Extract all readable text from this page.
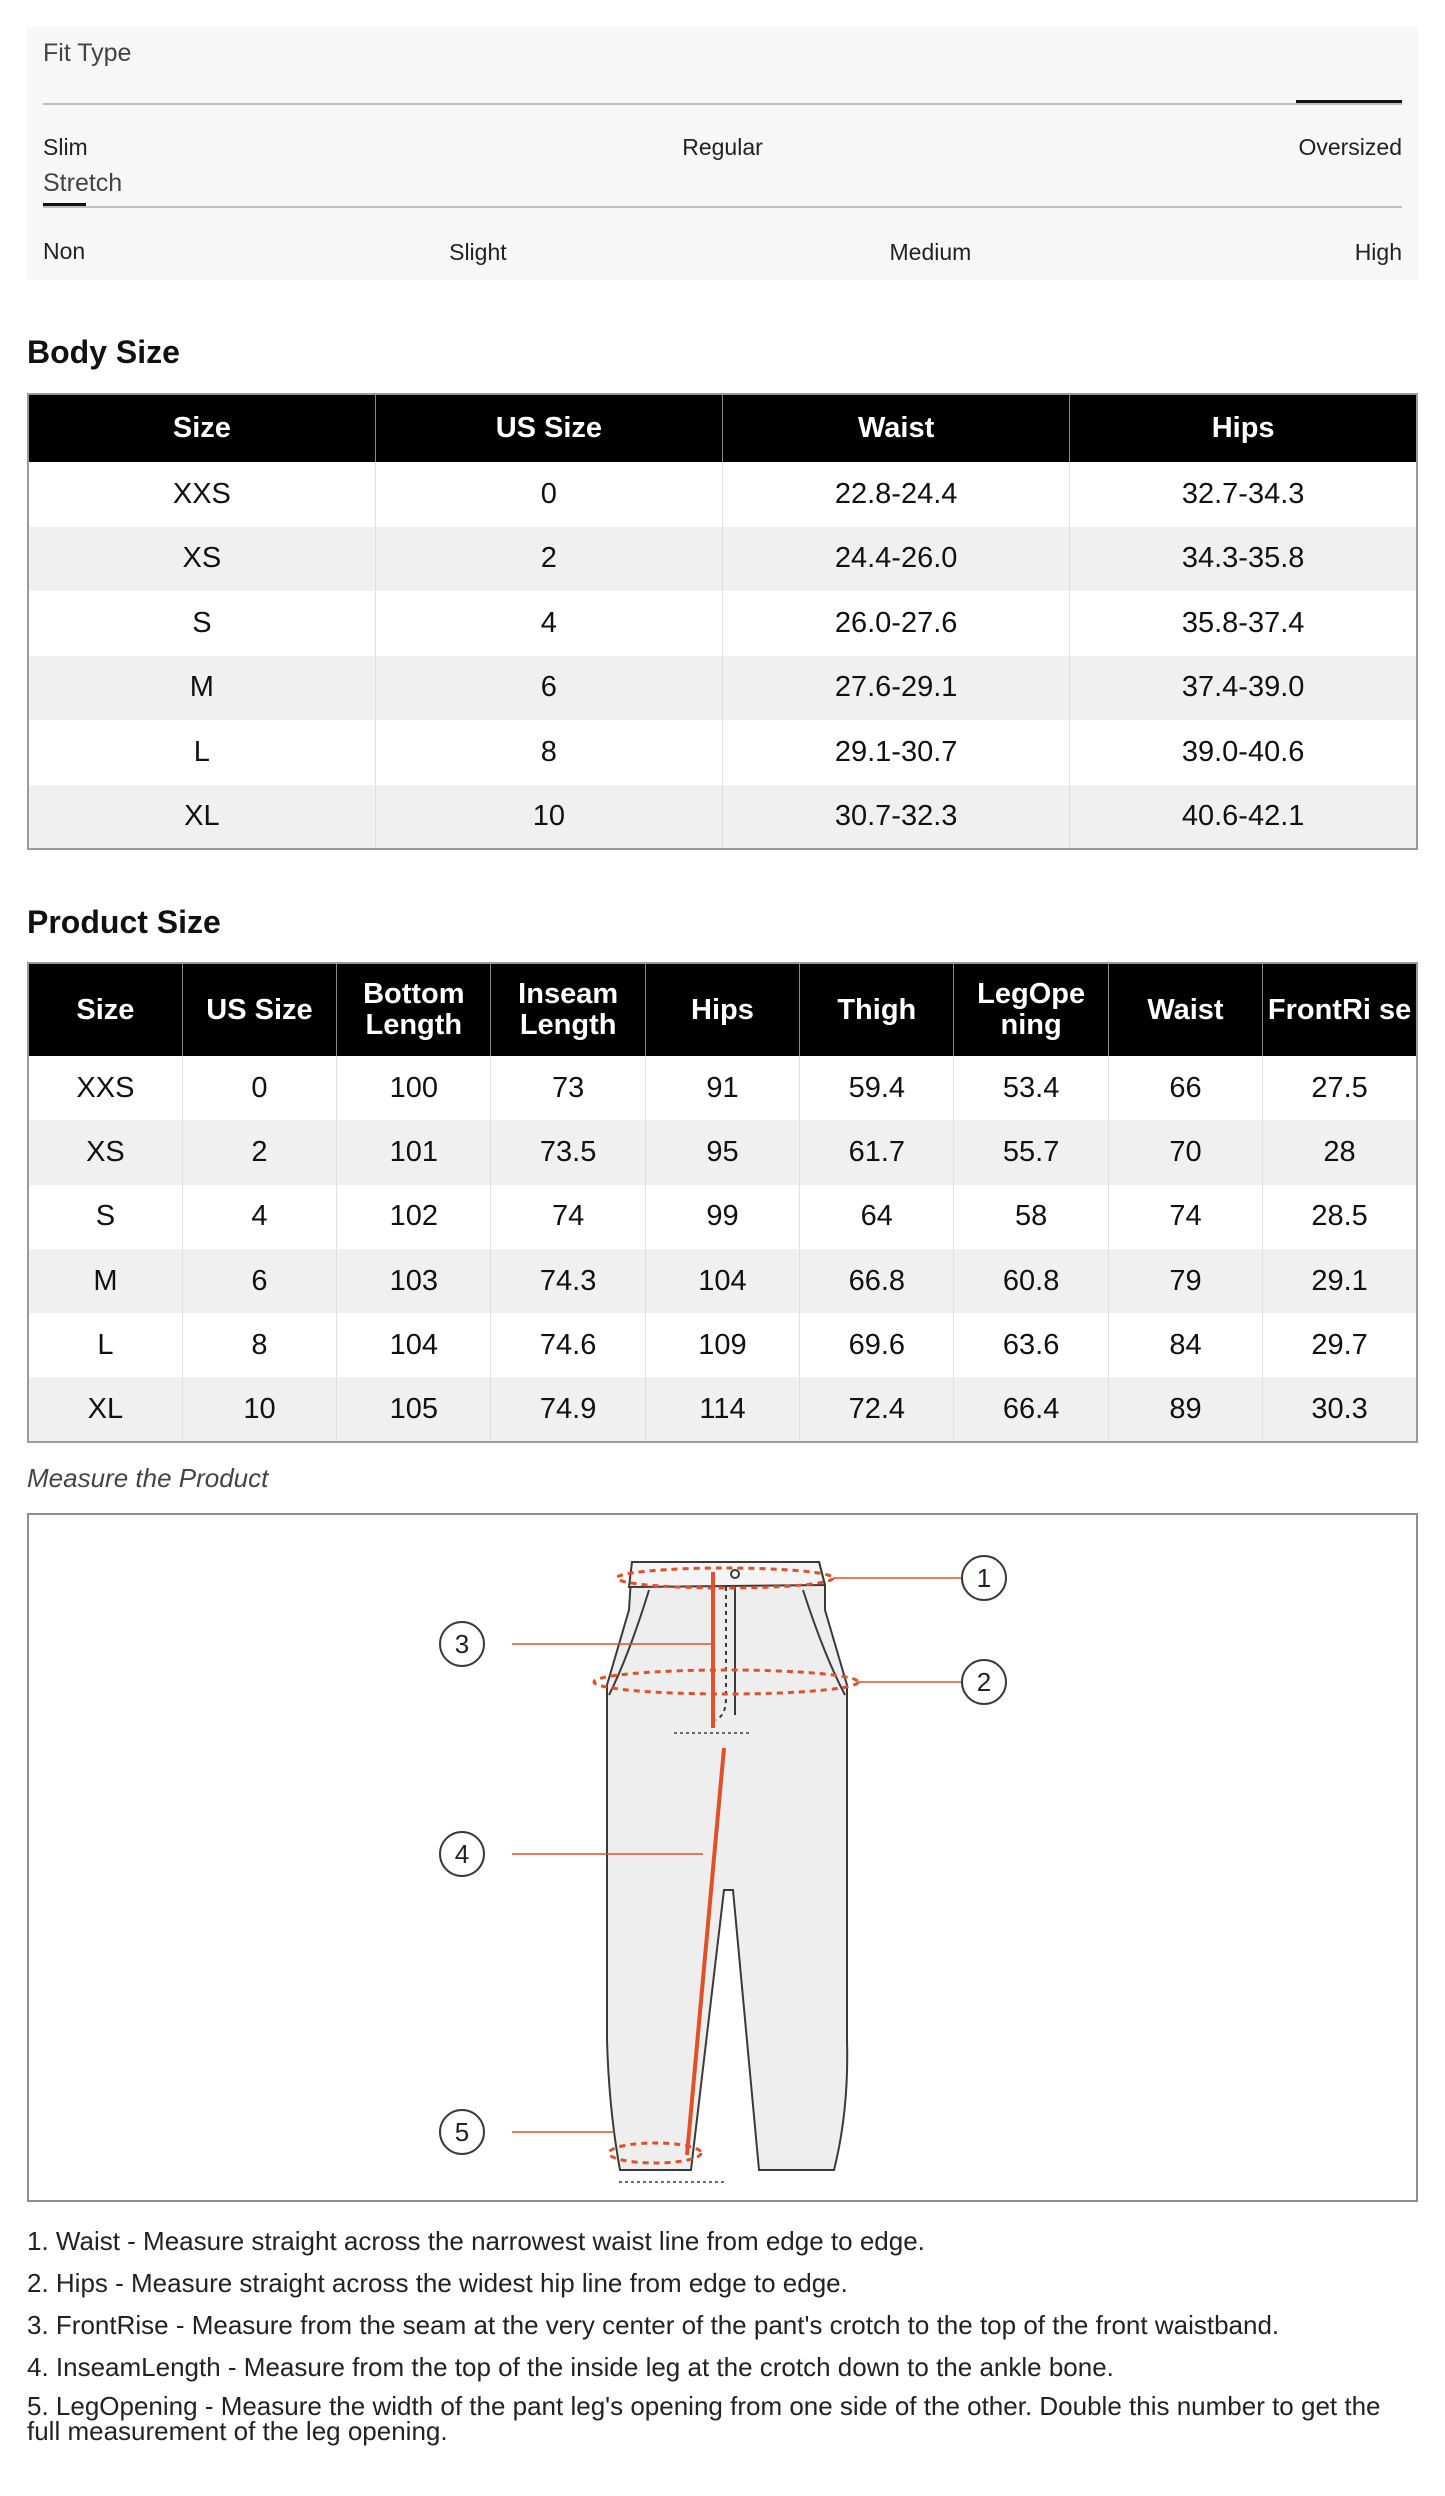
Fit Type
Slim	Regular	Oversized
Stretch
Non	Slight	Medium	High
Body Size
Size	US Size	Waist	Hips
XXS	0	22.8-24.4	32.7-34.3
XS	2	24.4-26.0	34.3-35.8
S	4	26.0-27.6	35.8-37.4
M	6	27.6-29.1	37.4-39.0
L	8	29.1-30.7	39.0-40.6
XL	10	30.7-32.3	40.6-42.1
Product Size
Size	US Size	Bottom Length	Inseam Length	Hips	Thigh	LegOpe ning	Waist	FrontRi se
XXS	0	100	73	91	59.4	53.4	66	27.5
XS	2	101	73.5	95	61.7	55.7	70	28
S	4	102	74	99	64	58	74	28.5
M	6	103	74.3	104	66.8	60.8	79	29.1
L	8	104	74.6	109	69.6	63.6	84	29.7
XL	10	105	74.9	114	72.4	66.4	89	30.3
Measure the Product
1
2
3
4
5

1. Waist - Measure straight across the narrowest waist line from edge to edge.

2. Hips - Measure straight across the widest hip line from edge to edge.

3. FrontRise - Measure from the seam at the very center of the pant's crotch to the top of the front waistband.

4. InseamLength - Measure from the top of the inside leg at the crotch down to the ankle bone.

5. LegOpening - Measure the width of the pant leg's opening from one side of the other. Double this number to get the full measurement of the leg opening.
